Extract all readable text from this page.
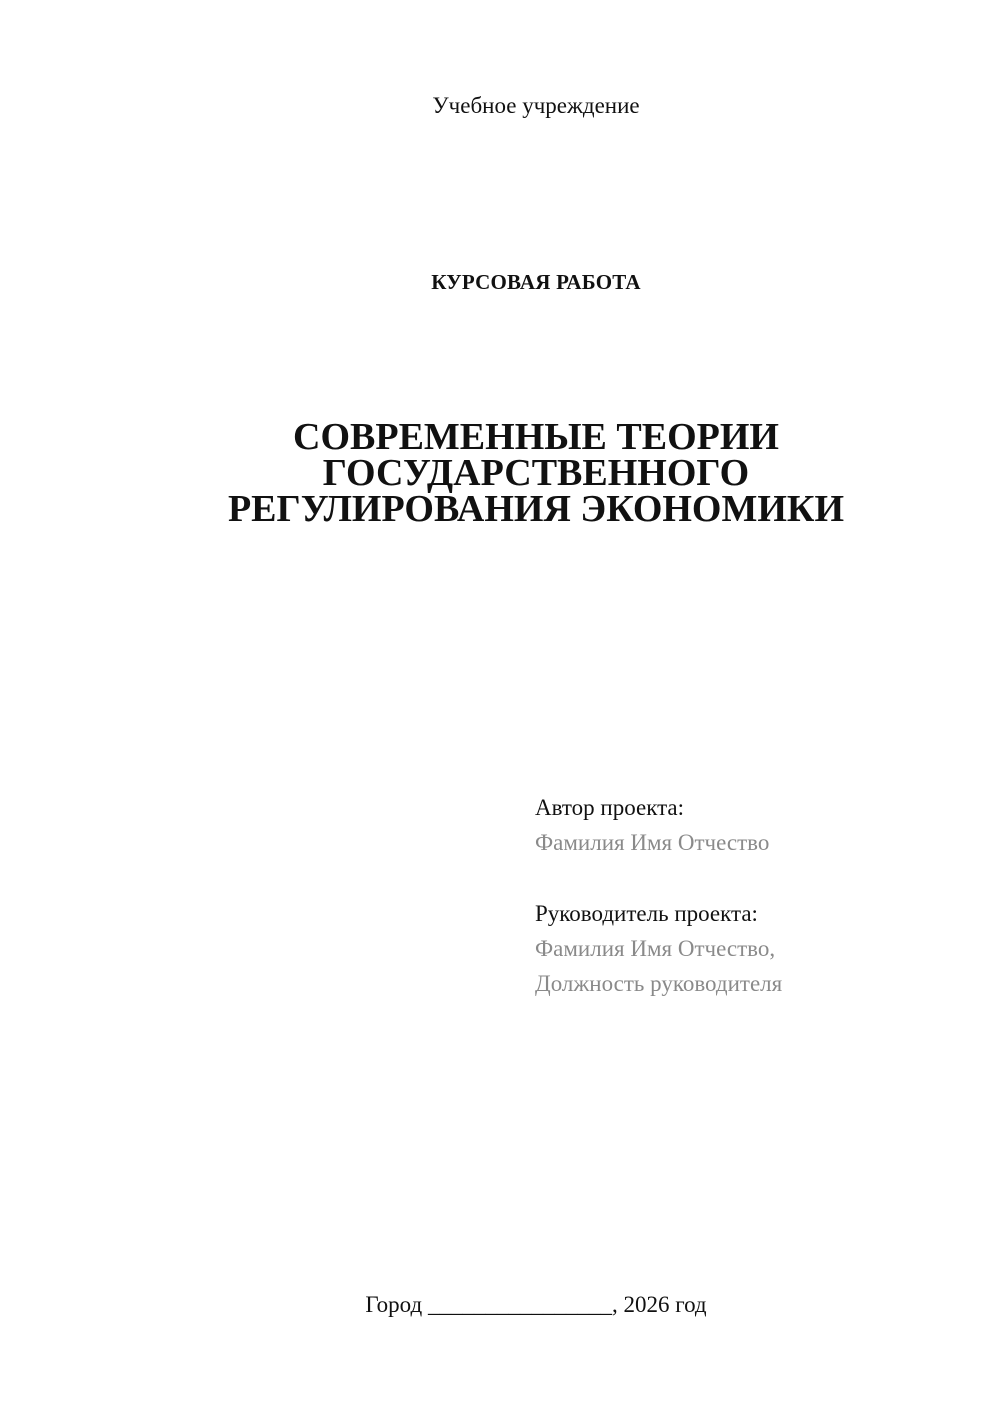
Учебное учреждение
КУРСОВАЯ РАБОТА
СОВРЕМЕННЫЕ ТЕОРИИ
ГОСУДАРСТВЕННОГО
РЕГУЛИРОВАНИЯ ЭКОНОМИКИ
Автор проекта:
Фамилия Имя Отчество
Руководитель проекта:
Фамилия Имя Отчество,
Должность руководителя
Город ________________, 2026 год
